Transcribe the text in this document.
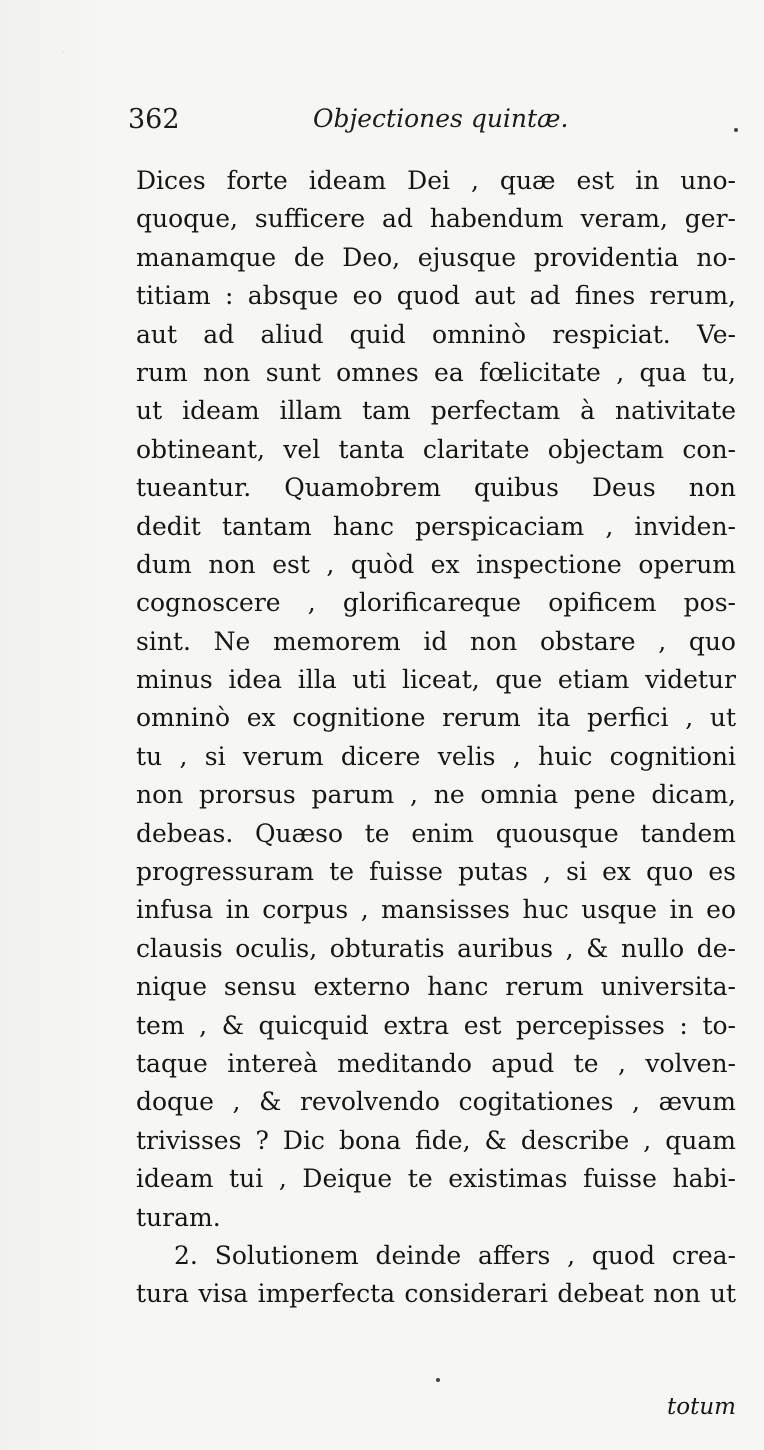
·
362	Objectiones quintæ.
Dices forte ideam Dei , quæ est in uno-
quoque, sufficere ad habendum veram, ger-
manamque de Deo, ejusque providentia no-
titiam : absque eo quod aut ad fines rerum,
aut ad aliud quid omninò respiciat. Ve-
rum non sunt omnes ea fœlicitate , qua tu,
ut ideam illam tam perfectam à nativitate
obtineant, vel tanta claritate objectam con-
tueantur. Quamobrem quibus Deus non
dedit tantam hanc perspicaciam , inviden-
dum non est , quòd ex inspectione operum
cognoscere , glorificareque opificem pos-
sint. Ne memorem id non obstare , quo
minus idea illa uti liceat, que etiam videtur
omninò ex cognitione rerum ita perfici , ut
tu , si verum dicere velis , huic cognitioni
non prorsus parum , ne omnia pene dicam,
debeas. Quæso te enim quousque tandem
progressuram te fuisse putas , si ex quo es
infusa in corpus , mansisses huc usque in eo
clausis oculis, obturatis auribus , & nullo de-
nique sensu externo hanc rerum universita-
tem , & quicquid extra est percepisses : to-
taque intereà meditando apud te , volven-
doque , & revolvendo cogitationes , ævum
trivisses ? Dic bona fide, & describe , quam
ideam tui , Deique te existimas fuisse habi-
turam.
2. Solutionem deinde affers , quod crea-
tura visa imperfecta considerari debeat non ut
totum
